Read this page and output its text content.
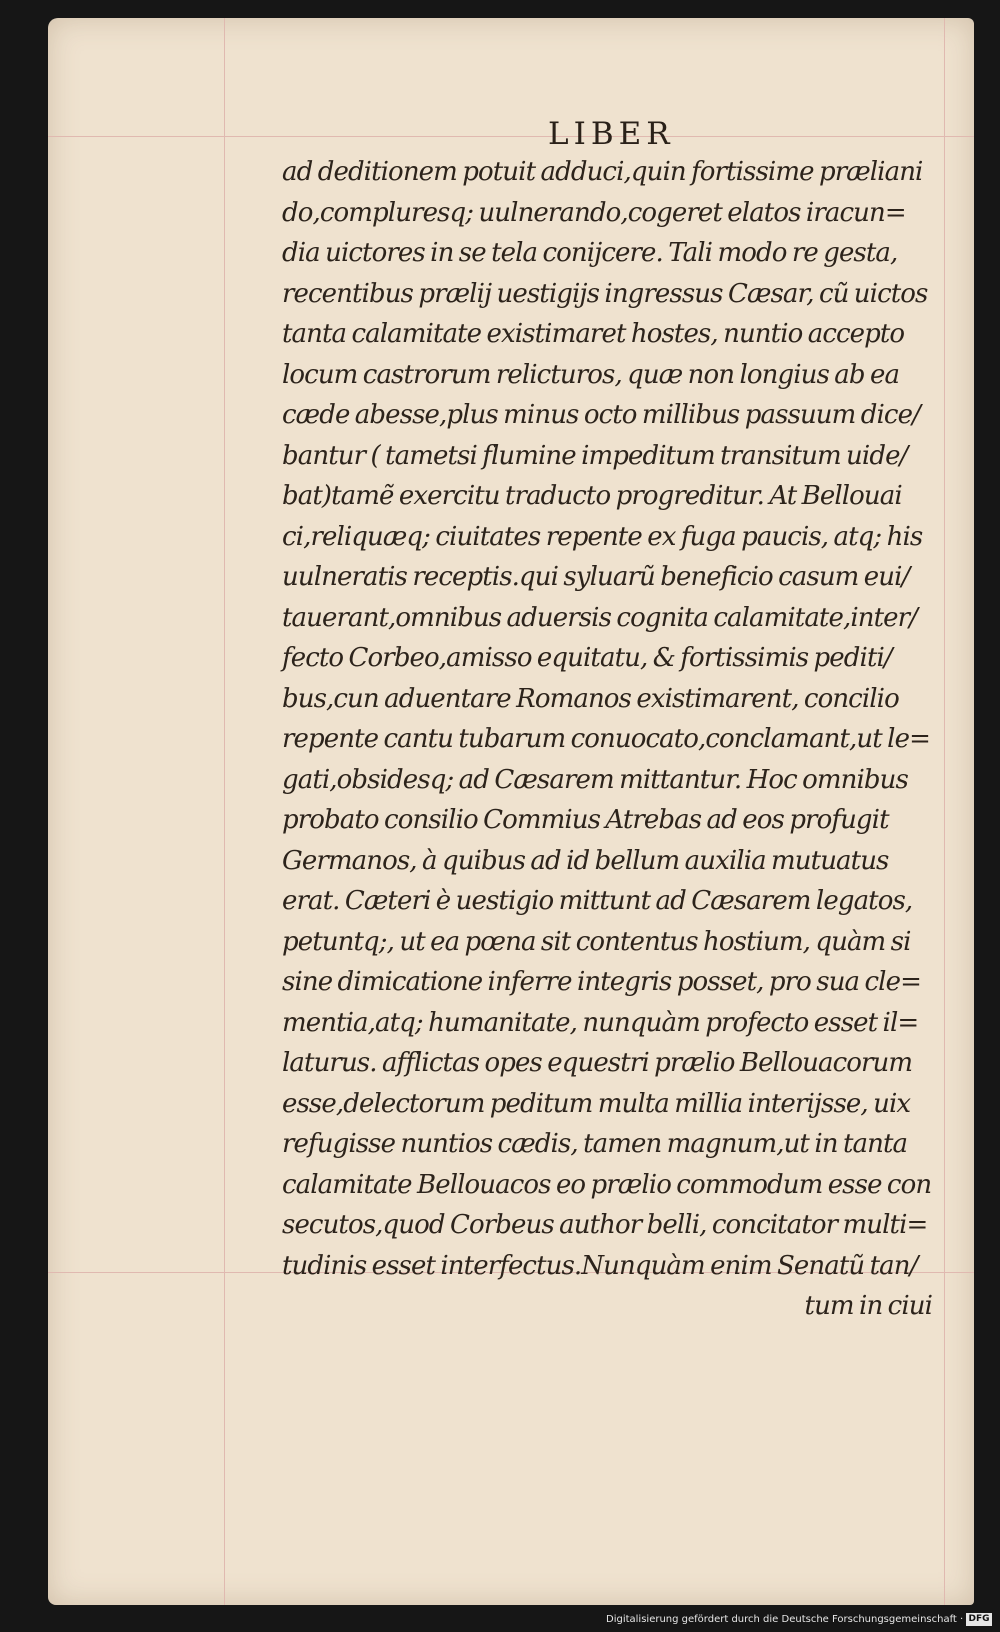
LIBER
ad deditionem potuit adduci,quin fortissime præliani
do,compluresq; uulnerando,cogeret elatos iracun=
dia uictores in se tela conijcere. Tali modo re gesta,
recentibus prælij uestigijs ingressus Cæsar, cũ uictos
tanta calamitate existimaret hostes, nuntio accepto
locum castrorum relicturos, quæ non longius ab ea
cæde abesse,plus minus octo millibus passuum dice/
bantur ( tametsi flumine impeditum transitum uide/
bat)tamẽ exercitu traducto progreditur. At Bellouai
ci,reliquæq; ciuitates repente ex fuga paucis, atq; his
uulneratis receptis.qui syluarũ beneficio casum eui/
tauerant,omnibus aduersis cognita calamitate,inter/
fecto Corbeo,amisso equitatu, & fortissimis pediti/
bus,cun aduentare Romanos existimarent, concilio
repente cantu tubarum conuocato,conclamant,ut le=
gati,obsidesq; ad Cæsarem mittantur. Hoc omnibus
probato consilio Commius Atrebas ad eos profugit
Germanos, à quibus ad id bellum auxilia mutuatus
erat. Cæteri è uestigio mittunt ad Cæsarem legatos,
petuntq;, ut ea pœna sit contentus hostium, quàm si
sine dimicatione inferre integris posset, pro sua cle=
mentia,atq; humanitate, nunquàm profecto esset il=
laturus. afflictas opes equestri prælio Bellouacorum
esse,delectorum peditum multa millia interijsse, uix
refugisse nuntios cædis, tamen magnum,ut in tanta
calamitate Bellouacos eo prælio commodum esse con
secutos,quod Corbeus author belli, concitator multi=
tudinis esset interfectus.Nunquàm enim Senatũ tan/
tum in ciui
Digitalisierung gefördert durch die Deutsche Forschungsgemeinschaft · DFG
